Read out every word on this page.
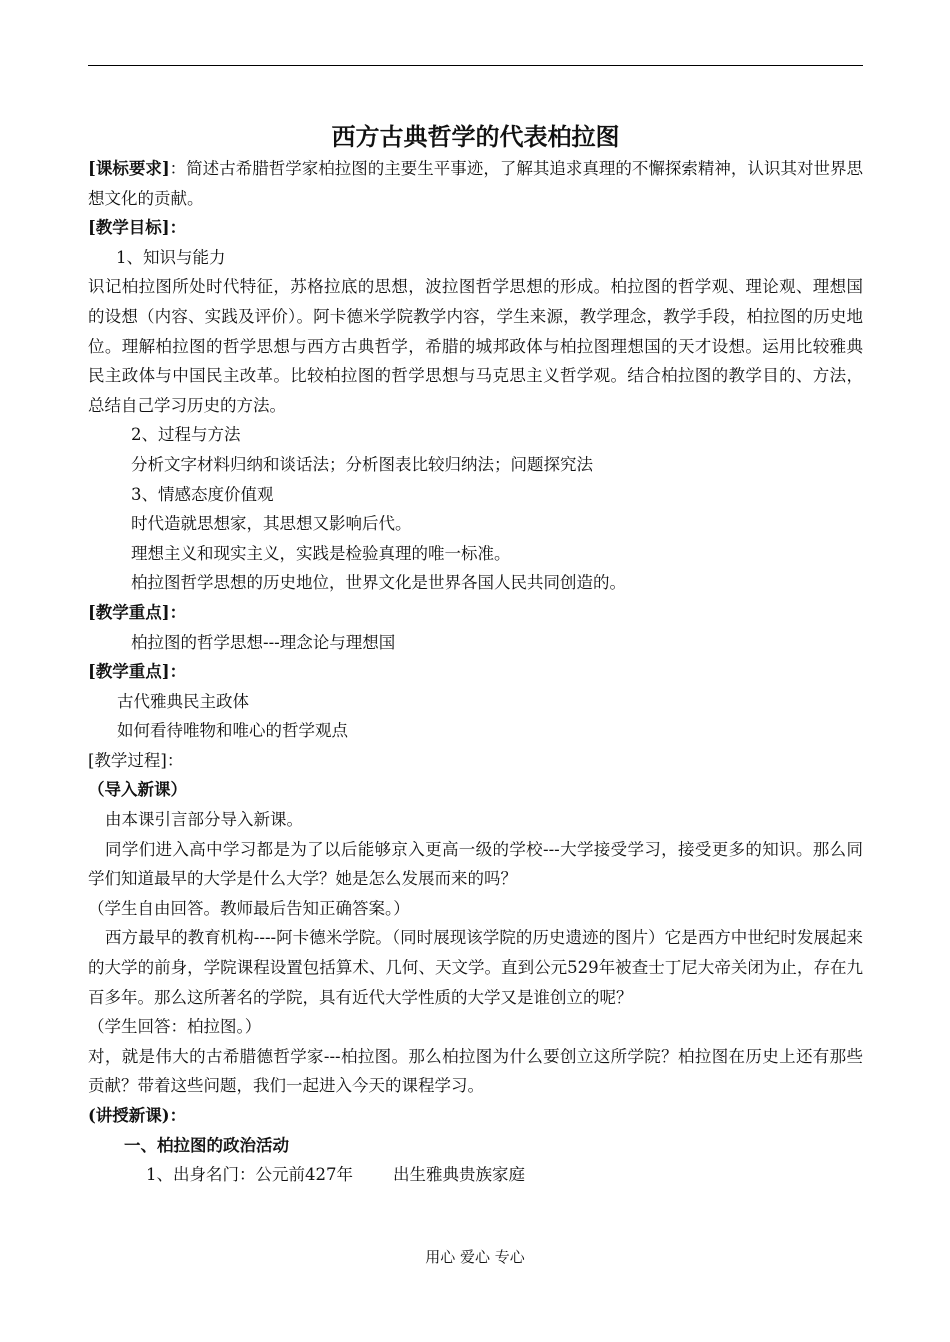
西方古典哲学的代表柏拉图
[课标要求]：简述古希腊哲学家柏拉图的主要生平事迹，了解其追求真理的不懈探索精神，认识其对世界思想文化的贡献。
[教学目标]：
1、知识与能力
识记柏拉图所处时代特征，苏格拉底的思想，波拉图哲学思想的形成。柏拉图的哲学观、理论观、理想国的设想（内容、实践及评价）。阿卡德米学院教学内容，学生来源，教学理念，教学手段，柏拉图的历史地位。理解柏拉图的哲学思想与西方古典哲学，希腊的城邦政体与柏拉图理想国的天才设想。运用比较雅典民主政体与中国民主改革。比较柏拉图的哲学思想与马克思主义哲学观。结合柏拉图的教学目的、方法，总结自己学习历史的方法。
2、过程与方法
分析文字材料归纳和谈话法；分析图表比较归纳法；问题探究法
3、情感态度价值观
时代造就思想家，其思想又影响后代。
理想主义和现实主义，实践是检验真理的唯一标准。
柏拉图哲学思想的历史地位，世界文化是世界各国人民共同创造的。
[教学重点]：
柏拉图的哲学思想---理念论与理想国
[教学重点]：
古代雅典民主政体
如何看待唯物和唯心的哲学观点
[教学过程]：
（导入新课）
由本课引言部分导入新课。
同学们进入高中学习都是为了以后能够京入更高一级的学校---大学接受学习，接受更多的知识。那么同学们知道最早的大学是什么大学？她是怎么发展而来的吗？
（学生自由回答。教师最后告知正确答案。）
西方最早的教育机构----阿卡德米学院。（同时展现该学院的历史遗迹的图片）它是西方中世纪时发展起来的大学的前身，学院课程设置包括算术、几何、天文学。直到公元529年被查士丁尼大帝关闭为止，存在九百多年。那么这所著名的学院，具有近代大学性质的大学又是谁创立的呢？
（学生回答：柏拉图。）
对，就是伟大的古希腊德哲学家---柏拉图。那么柏拉图为什么要创立这所学院？柏拉图在历史上还有那些贡献？带着这些问题，我们一起进入今天的课程学习。
(讲授新课)：
一、柏拉图的政治活动
1、出身名门：公元前427年 出生雅典贵族家庭
用心 爱心 专心
